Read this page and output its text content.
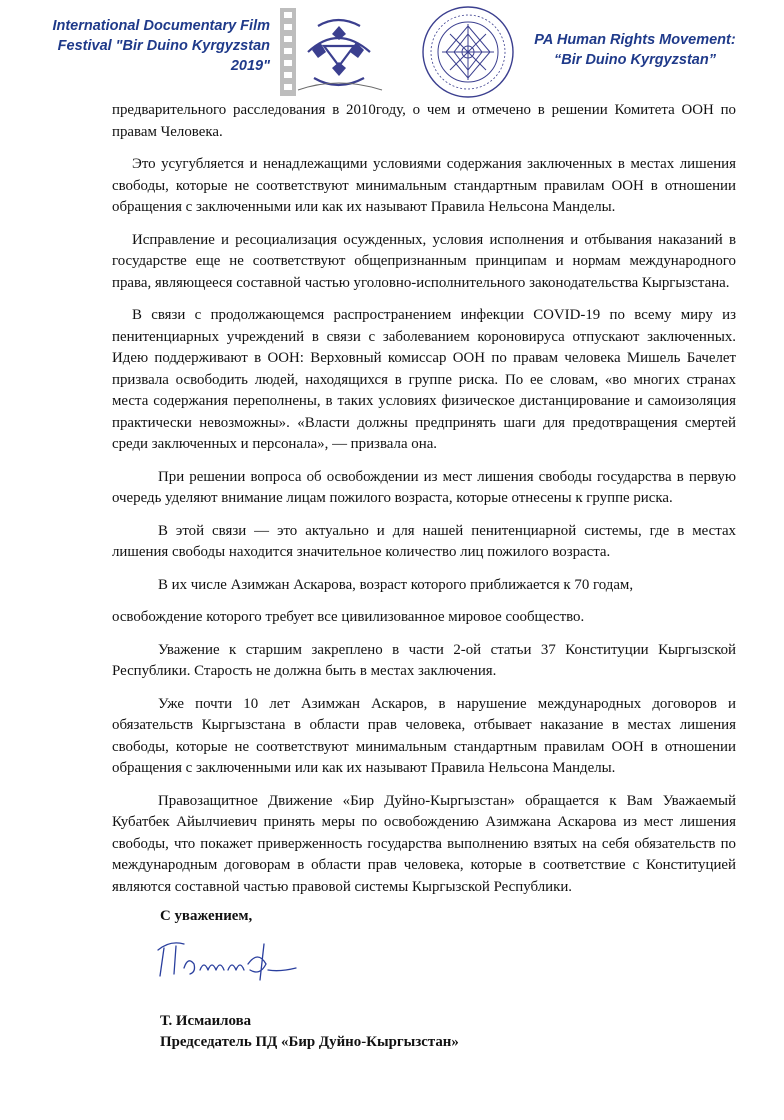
International Documentary Film
Festival "Bir Duino Kyrgyzstan 2019"
PA Human Rights Movement:
“Bir Duino Kyrgyzstan”

предварительного расследования в 2010году, о чем и отмечено в решении Комитета ООН по правам Человека.

Это усугубляется и ненадлежащими условиями содержания заключенных в местах лишения свободы, которые не соответствуют минимальным стандартным правилам ООН в отношении обращения с заключенными или как их называют Правила Нельсона Манделы.

Исправление и ресоциализация осужденных, условия исполнения и отбывания наказаний в государстве еще не соответствуют общепризнанным принципам и нормам международного права, являющееся составной частью уголовно-исполнительного законодательства Кыргызстана.

В связи с продолжающемся распространением инфекции COVID-19 по всему миру из пенитенциарных учреждений в связи с заболеванием короновируса отпускают заключенных. Идею поддерживают в ООН: Верховный комиссар ООН по правам человека Мишель Бачелет призвала освободить людей, находящихся в группе риска. По ее словам, «во многих странах места содержания переполнены, в таких условиях физическое дистанцирование и самоизоляция практически невозможны». «Власти должны предпринять шаги для предотвращения смертей среди заключенных и персонала», — призвала она.

При решении вопроса об освобождении из мест лишения свободы государства в первую очередь уделяют внимание лицам пожилого возраста, которые отнесены к группе риска.

В этой связи — это актуально и для нашей пенитенциарной системы, где в местах лишения свободы находится значительное количество лиц пожилого возраста.

В их числе Азимжан Аскарова, возраст которого приближается к 70 годам,

освобождение которого требует все цивилизованное мировое сообщество.

Уважение к старшим закреплено в части 2-ой статьи 37 Конституции Кыргызской Республики. Старость не должна быть в местах заключения.

Уже почти 10 лет Азимжан Аскаров, в нарушение международных договоров и обязательств Кыргызстана в области прав человека, отбывает наказание в местах лишения свободы, которые не соответствуют минимальным стандартным правилам ООН в отношении обращения с заключенными или как их называют Правила Нельсона Манделы.

Правозащитное Движение «Бир Дуйно-Кыргызстан» обращается к Вам Уважаемый Кубатбек Айылчиевич принять меры по освобождению Азимжана Аскарова из мест лишения свободы, что покажет приверженность государства выполнению взятых на себя обязательств по международным договорам в области прав человека, которые в соответствие с Конституцией являются составной частью правовой системы Кыргызской Республики.

С уважением,
Т. Исмаилова
Председатель ПД «Бир Дуйно-Кыргызстан»
